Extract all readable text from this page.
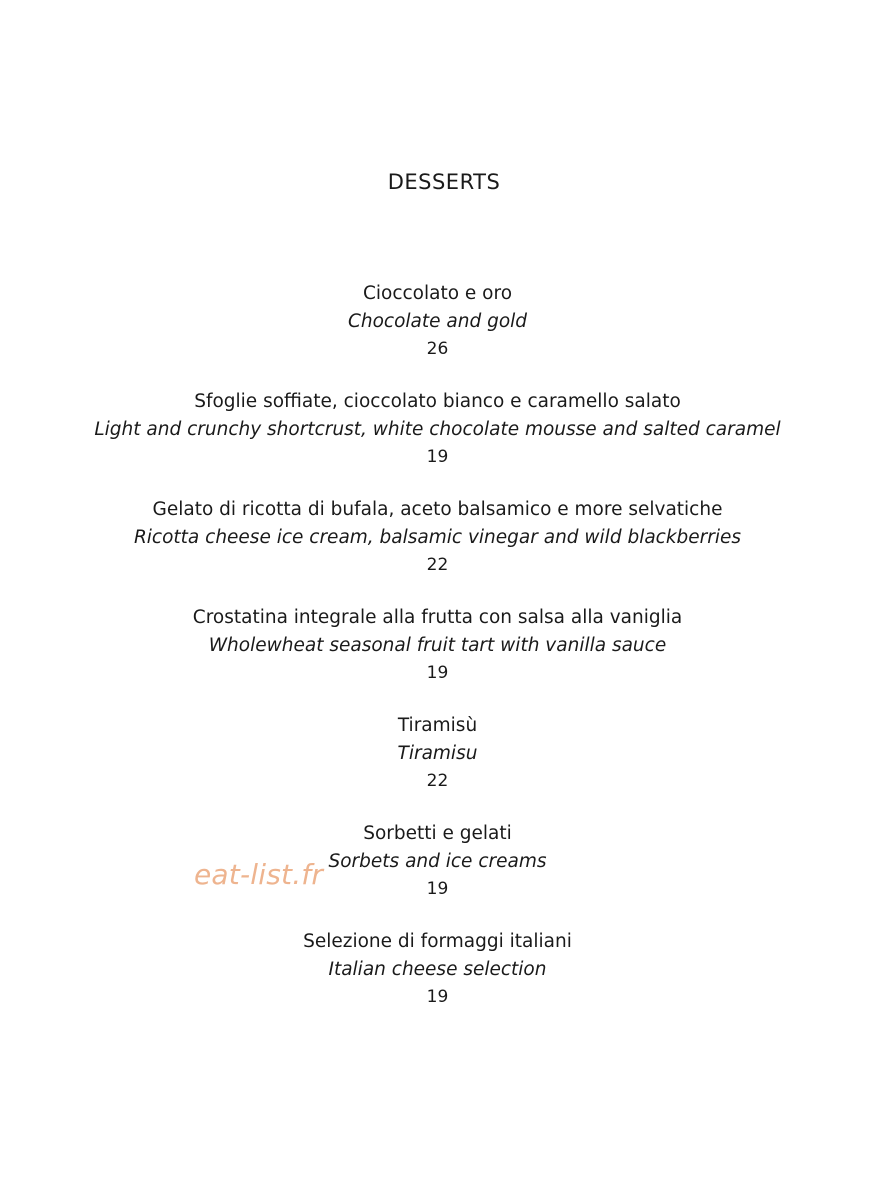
DESSERTS
Cioccolato e oro
Chocolate and gold
26
Sfoglie soffiate, cioccolato bianco e caramello salato
Light and crunchy shortcrust, white chocolate mousse and salted caramel
19
Gelato di ricotta di bufala, aceto balsamico e more selvatiche
Ricotta cheese ice cream, balsamic vinegar and wild blackberries
22
Crostatina integrale alla frutta con salsa alla vaniglia
Wholewheat seasonal fruit tart with vanilla sauce
19
Tiramisù
Tiramisu
22
Sorbetti e gelati
Sorbets and ice creams
19
Selezione di formaggi italiani
Italian cheese selection
19
eat-list.fr
